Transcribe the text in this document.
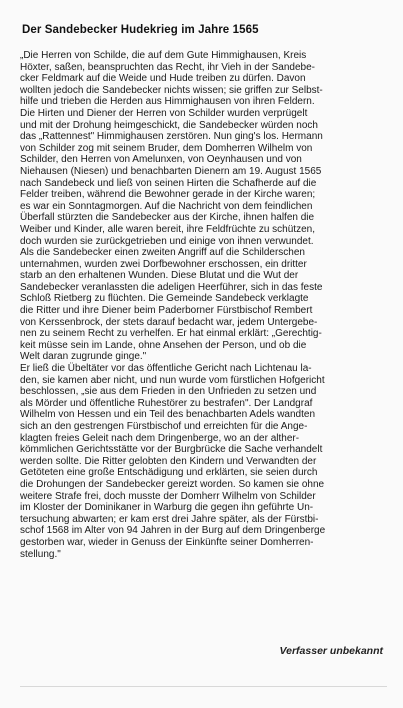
Der Sandebecker Hudekrieg im Jahre 1565
„Die Herren von Schilde, die auf dem Gute Himmighausen, Kreis
Höxter, saßen, beanspruchten das Recht, ihr Vieh in der Sandebe-
cker Feldmark auf die Weide und Hude treiben zu dürfen. Davon
wollten jedoch die Sandebecker nichts wissen; sie griffen zur Selbst-
hilfe und trieben die Herden aus Himmighausen von ihren Feldern.
Die Hirten und Diener der Herren von Schilder wurden verprügelt
und mit der Drohung heimgeschickt, die Sandebecker würden noch
das „Rattennest" Himmighausen zerstören. Nun ging's los. Hermann
von Schilder zog mit seinem Bruder, dem Domherren Wilhelm von
Schilder, den Herren von Amelunxen, von Oeynhausen und von
Niehausen (Niesen) und benachbarten Dienern am 19. August 1565
nach Sandebeck und ließ von seinen Hirten die Schafherde auf die
Felder treiben, während die Bewohner gerade in der Kirche waren;
es war ein Sonntagmorgen. Auf die Nachricht von dem feindlichen
Überfall stürzten die Sandebecker aus der Kirche, ihnen halfen die
Weiber und Kinder, alle waren bereit, ihre Feldfrüchte zu schützen,
doch wurden sie zurückgetrieben und einige von ihnen verwundet.
Als die Sandebecker einen zweiten Angriff auf die Schilderschen
unternahmen, wurden zwei Dorfbewohner erschossen, ein dritter
starb an den erhaltenen Wunden. Diese Blutat und die Wut der
Sandebecker veranlassten die adeligen Heerführer, sich in das feste
Schloß Rietberg zu flüchten. Die Gemeinde Sandebeck verklagte
die Ritter und ihre Diener beim Paderborner Fürstbischof Rembert
von Kerssenbrock, der stets darauf bedacht war, jedem Untergebe-
nen zu seinem Recht zu verhelfen. Er hat einmal erklärt: „Gerechtig-
keit müsse sein im Lande, ohne Ansehen der Person, und ob die
Welt daran zugrunde ginge."
Er ließ die Übeltäter vor das öffentliche Gericht nach Lichtenau la-
den, sie kamen aber nicht, und nun wurde vom fürstlichen Hofgericht
beschlossen, „sie aus dem Frieden in den Unfrieden zu setzen und
als Mörder und öffentliche Ruhestörer zu bestrafen". Der Landgraf
Wilhelm von Hessen und ein Teil des benachbarten Adels wandten
sich an den gestrengen Fürstbischof und erreichten für die Ange-
klagten freies Geleit nach dem Dringenberge, wo an der alther-
kömmlichen Gerichtsstätte vor der Burgbrücke die Sache verhandelt
werden sollte. Die Ritter gelobten den Kindern und Verwandten der
Getöteten eine große Entschädigung und erklärten, sie seien durch
die Drohungen der Sandebecker gereizt worden. So kamen sie ohne
weitere Strafe frei, doch musste der Domherr Wilhelm von Schilder
im Kloster der Dominikaner in Warburg die gegen ihn geführte Un-
tersuchung abwarten; er kam erst drei Jahre später, als der Fürstbi-
schof 1568 im Alter von 94 Jahren in der Burg auf dem Dringenberge
gestorben war, wieder in Genuss der Einkünfte seiner Domherren-
stellung."
Verfasser unbekannt
